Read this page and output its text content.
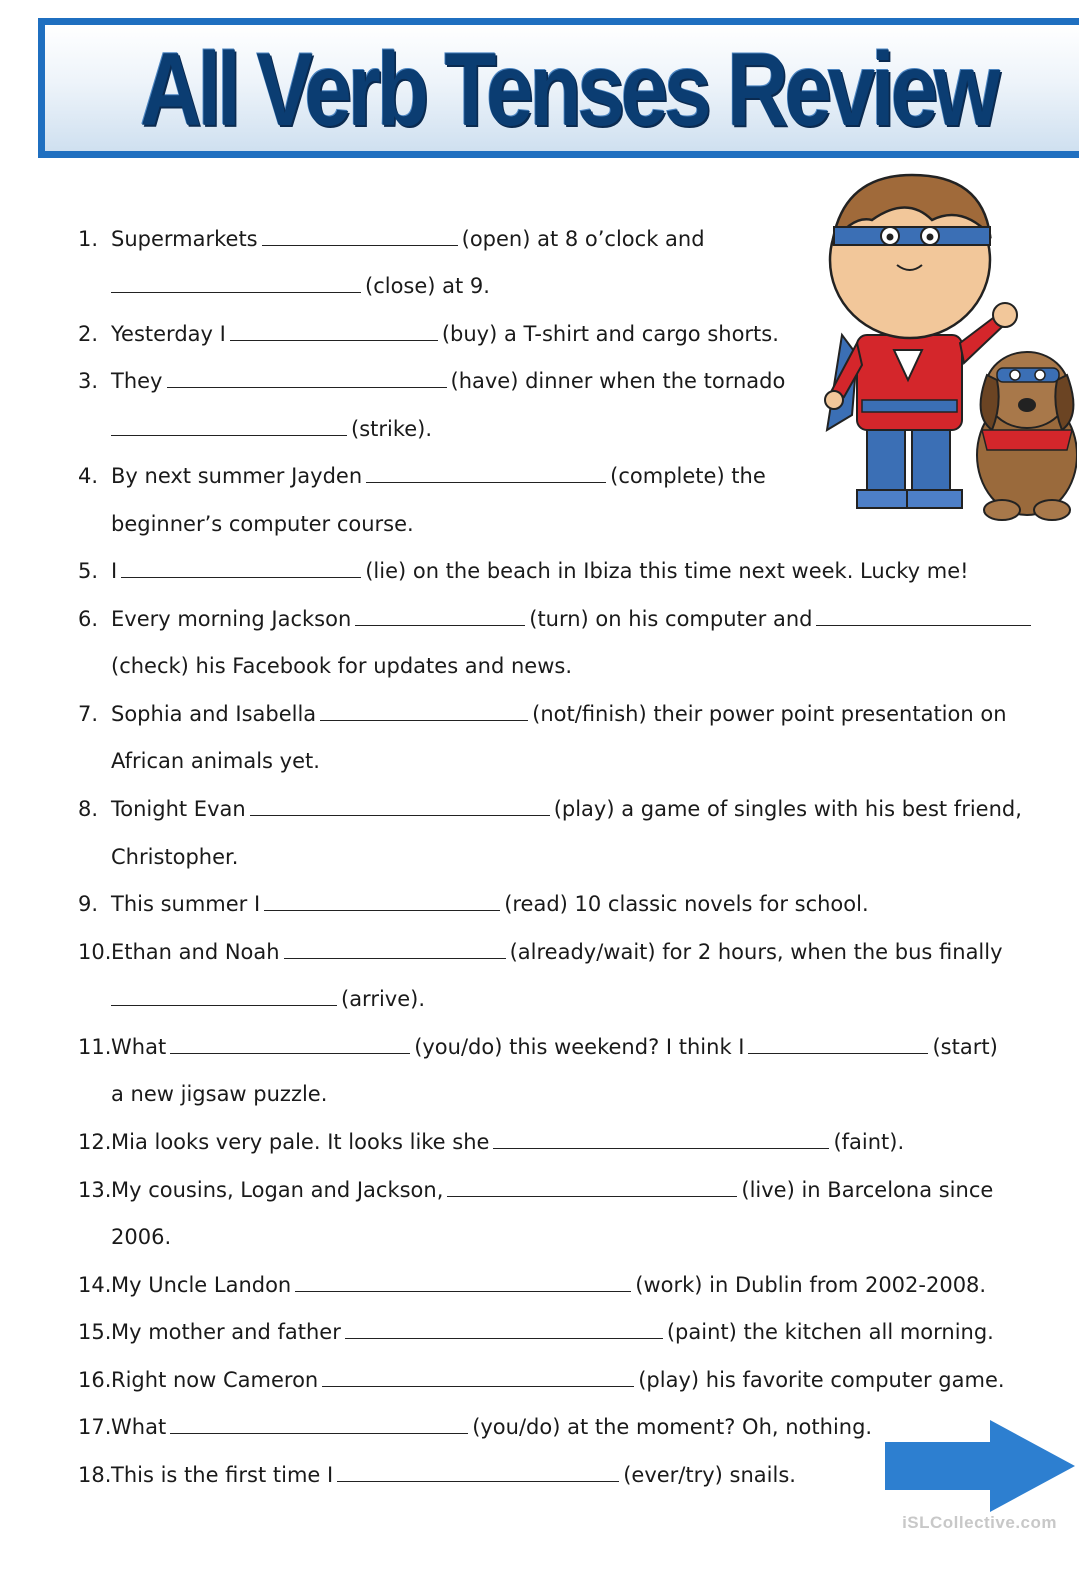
All Verb Tenses Review
1. Supermarkets	(open) at 8 o’clock and
(close) at 9.
2. Yesterday I	(buy) a T-shirt and cargo shorts.
3. They	(have) dinner when the tornado
(strike).
4. By next summer Jayden	(complete) the
beginner’s computer course.
5. I	(lie) on the beach in Ibiza this time next week. Lucky me!
6. Every morning Jackson	(turn) on his computer and
(check) his Facebook for updates and news.
7. Sophia and Isabella	(not/finish) their power point presentation on
African animals yet.
8. Tonight Evan	(play) a game of singles with his best friend,
Christopher.
9. This summer I	(read) 10 classic novels for school.
10.Ethan and Noah	(already/wait) for 2 hours, when the bus finally
(arrive).
11.What	(you/do) this weekend? I think I	(start)
a new jigsaw puzzle.
12.Mia looks very pale. It looks like she	(faint).
13.My cousins, Logan and Jackson,	(live) in Barcelona since
2006.
14.My Uncle Landon	(work) in Dublin from 2002-2008.
15.My mother and father	(paint) the kitchen all morning.
16.Right now Cameron	(play) his favorite computer game.
17.What	(you/do) at the moment? Oh, nothing.
18.This is the first time I	(ever/try) snails.
iSLCollective.com
